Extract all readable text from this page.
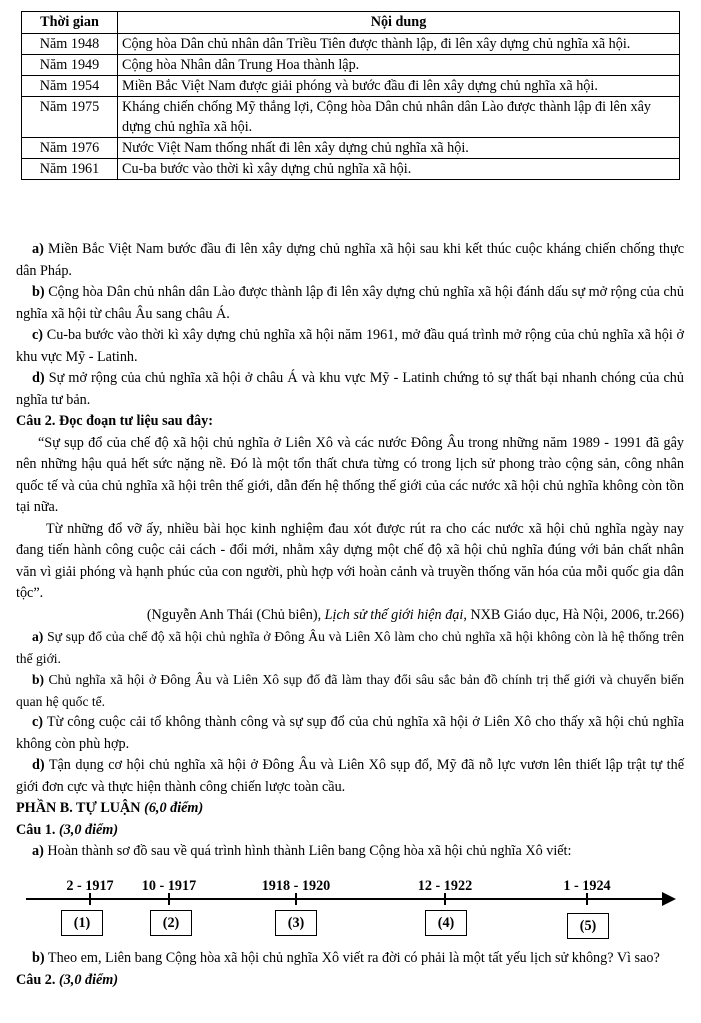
Thời gian	Nội dung
Năm 1948	Cộng hòa Dân chủ nhân dân Triều Tiên được thành lập, đi lên xây dựng chủ nghĩa xã hội.
Năm 1949	Cộng hòa Nhân dân Trung Hoa thành lập.
Năm 1954	Miền Bắc Việt Nam được giải phóng và bước đầu đi lên xây dựng chủ nghĩa xã hội.
Năm 1975	Kháng chiến chống Mỹ thắng lợi, Cộng hòa Dân chủ nhân dân Lào được thành lập đi lên xây dựng chủ nghĩa xã hội.
Năm 1976	Nước Việt Nam thống nhất đi lên xây dựng chủ nghĩa xã hội.
Năm 1961	Cu-ba bước vào thời kì xây dựng chủ nghĩa xã hội.

a) Miền Bắc Việt Nam bước đầu đi lên xây dựng chủ nghĩa xã hội sau khi kết thúc cuộc kháng chiến chống thực dân Pháp.

b) Cộng hòa Dân chủ nhân dân Lào được thành lập đi lên xây dựng chủ nghĩa xã hội đánh dấu sự mở rộng của chủ nghĩa xã hội từ châu Âu sang châu Á.

c) Cu-ba bước vào thời kì xây dựng chủ nghĩa xã hội năm 1961, mở đầu quá trình mở rộng của chủ nghĩa xã hội ở khu vực Mỹ - Latinh.

d) Sự mở rộng của chủ nghĩa xã hội ở châu Á và khu vực Mỹ - Latinh chứng tỏ sự thất bại nhanh chóng của chủ nghĩa tư bản.

Câu 2. Đọc đoạn tư liệu sau đây:

“Sự sụp đổ của chế độ xã hội chủ nghĩa ở Liên Xô và các nước Đông Âu trong những năm 1989 - 1991 đã gây nên những hậu quả hết sức nặng nề. Đó là một tổn thất chưa từng có trong lịch sử phong trào cộng sản, công nhân quốc tế và của chủ nghĩa xã hội trên thế giới, dẫn đến hệ thống thế giới của các nước xã hội chủ nghĩa không còn tồn tại nữa.

Từ những đổ vỡ ấy, nhiều bài học kinh nghiệm đau xót được rút ra cho các nước xã hội chủ nghĩa ngày nay đang tiến hành công cuộc cải cách - đổi mới, nhằm xây dựng một chế độ xã hội chủ nghĩa đúng với bản chất nhân văn vì giải phóng và hạnh phúc của con người, phù hợp với hoàn cảnh và truyền thống văn hóa của mỗi quốc gia dân tộc”.

(Nguyễn Anh Thái (Chủ biên), Lịch sử thế giới hiện đại, NXB Giáo dục, Hà Nội, 2006, tr.266)

a) Sự sụp đổ của chế độ xã hội chủ nghĩa ở Đông Âu và Liên Xô làm cho chủ nghĩa xã hội không còn là hệ thống trên thế giới.

b) Chủ nghĩa xã hội ở Đông Âu và Liên Xô sụp đổ đã làm thay đổi sâu sắc bản đồ chính trị thế giới và chuyển biến quan hệ quốc tế.

c) Từ công cuộc cải tổ không thành công và sự sụp đổ của chủ nghĩa xã hội ở Liên Xô cho thấy xã hội chủ nghĩa không còn phù hợp.

d) Tận dụng cơ hội chủ nghĩa xã hội ở Đông Âu và Liên Xô sụp đổ, Mỹ đã nỗ lực vươn lên thiết lập trật tự thế giới đơn cực và thực hiện thành công chiến lược toàn cầu.

PHẦN B. TỰ LUẬN (6,0 điểm)

Câu 1. (3,0 điểm)

a) Hoàn thành sơ đồ sau về quá trình hình thành Liên bang Cộng hòa xã hội chủ nghĩa Xô viết:

2 - 1917 10 - 1917	1918 - 1920	12 - 1922	1 - 1924
(1)	(2)	(3)	(4)	(5)

b) Theo em, Liên bang Cộng hòa xã hội chủ nghĩa Xô viết ra đời có phải là một tất yếu lịch sử không? Vì sao?

Câu 2. (3,0 điểm)
